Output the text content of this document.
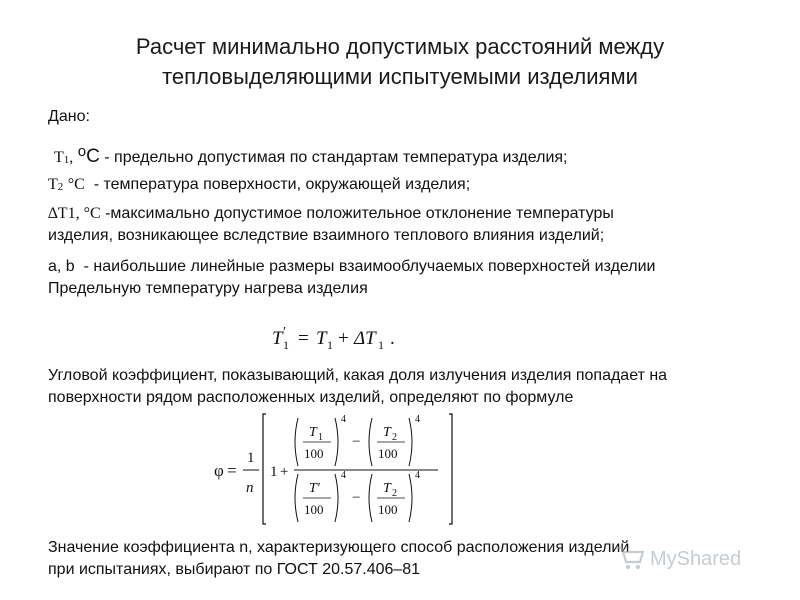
Расчет минимально допустимых расстояний между
тепловыделяющими испытуемыми изделиями
Дано:
T1, oC - предельно допустимая по стандартам температура изделия;
T2 °C - температура поверхности, окружающей изделия;
∆T1, °C -максимально допустимое положительное отклонение температуры
изделия, возникающее вследствие взаимного теплового влияния изделий;
a, b - наибольшие линейные размеры взаимооблучаемых поверхностей изделии
Предельную температуру нагрева изделия
T ′
1 = T 1 + ΔT 1 .
Угловой коэффициент, показывающий, какая доля излучения изделия попадает на
поверхности рядом расположенных изделий, определяют по формуле
φ =
1
n
1 +
T 1
100
4
−
T 2
100
4
T′
100
4
−
T 2
100
4
Значение коэффициента n, характеризующего способ расположения изделий
при испытаниях, выбирают по ГОСТ 20.57.406–81	MyShared
